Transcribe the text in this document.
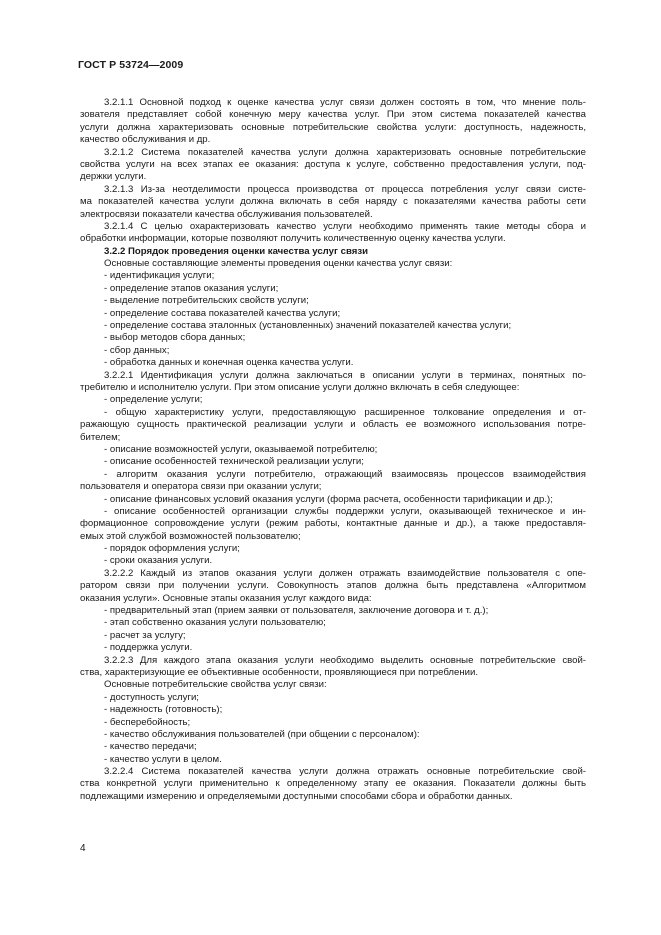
ГОСТ Р 53724—2009
3.2.1.1 Основной подход к оценке качества услуг связи должен состоять в том, что мнение поль-
зователя представляет собой конечную меру качества услуг. При этом система показателей качества
услуги должна характеризовать основные потребительские свойства услуги: доступность, надежность,
качество обслуживания и др.
3.2.1.2 Система показателей качества услуги должна характеризовать основные потребительские
свойства услуги на всех этапах ее оказания: доступа к услуге, собственно предоставления услуги, под-
держки услуги.
3.2.1.3 Из-за неотделимости процесса производства от процесса потребления услуг связи систе-
ма показателей качества услуги должна включать в себя наряду с показателями качества работы сети
электросвязи показатели качества обслуживания пользователей.
3.2.1.4 С целью охарактеризовать качество услуги необходимо применять такие методы сбора и
обработки информации, которые позволяют получить количественную оценку качества услуги.
3.2.2 Порядок проведения оценки качества услуг связи
Основные составляющие элементы проведения оценки качества услуг связи:
- идентификация услуги;
- определение этапов оказания услуги;
- выделение потребительских свойств услуги;
- определение состава показателей качества услуги;
- определение состава эталонных (установленных) значений показателей качества услуги;
- выбор методов сбора данных;
- сбор данных;
- обработка данных и конечная оценка качества услуги.
3.2.2.1 Идентификация услуги должна заключаться в описании услуги в терминах, понятных по-
требителю и исполнителю услуги. При этом описание услуги должно включать в себя следующее:
- определение услуги;
- общую характеристику услуги, предоставляющую расширенное толкование определения и от-
ражающую сущность практической реализации услуги и область ее возможного использования потре-
бителем;
- описание возможностей услуги, оказываемой потребителю;
- описание особенностей технической реализации услуги;
- алгоритм оказания услуги потребителю, отражающий взаимосвязь процессов взаимодействия
пользователя и оператора связи при оказании услуги;
- описание финансовых условий оказания услуги (форма расчета, особенности тарификации и др.);
- описание особенностей организации службы поддержки услуги, оказывающей техническое и ин-
формационное сопровождение услуги (режим работы, контактные данные и др.), а также предоставля-
емых этой службой возможностей пользователю;
- порядок оформления услуги;
- сроки оказания услуги.
3.2.2.2 Каждый из этапов оказания услуги должен отражать взаимодействие пользователя с опе-
ратором связи при получении услуги. Совокупность этапов должна быть представлена «Алгоритмом
оказания услуги». Основные этапы оказания услуг каждого вида:
- предварительный этап (прием заявки от пользователя, заключение договора и т. д.);
- этап собственно оказания услуги пользователю;
- расчет за услугу;
- поддержка услуги.
3.2.2.3 Для каждого этапа оказания услуги необходимо выделить основные потребительские свой-
ства, характеризующие ее объективные особенности, проявляющиеся при потреблении.
Основные потребительские свойства услуг связи:
- доступность услуги;
- надежность (готовность);
- бесперебойность;
- качество обслуживания пользователей (при общении с персоналом):
- качество передачи;
- качество услуги в целом.
3.2.2.4 Система показателей качества услуги должна отражать основные потребительские свой-
ства конкретной услуги применительно к определенному этапу ее оказания. Показатели должны быть
подлежащими измерению и определяемыми доступными способами сбора и обработки данных.
4
